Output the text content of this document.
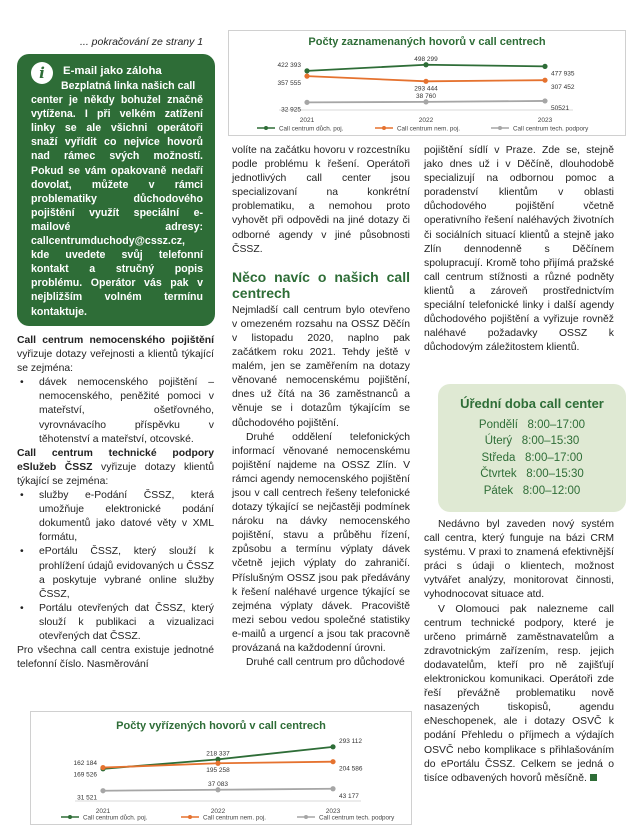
... pokračování ze strany 1
i	E-mail jako záloha
Bezplatná linka našich call
center je někdy bohužel značně vytížena. I při velkém zatížení linky se ale všichni operátoři snaží vyřídit co nejvíce hovorů nad rámec svých možností. Pokud se vám opakovaně nedaří dovolat, můžete v rámci problematiky důchodového pojištění využít speciální e-mailové adresy: callcentrumduchody@cssz.cz, kde uvedete svůj telefonní kontakt a stručný popis problému. Operátor vás pak v nejbližším volném termínu kontaktuje.

Call centrum nemocenského pojištění vyřizuje dotazy veřejnosti a klientů týkající se zejména:

• dávek nemocenského pojištění – nemocenského, peněžité pomoci v mateřství, ošetřovného, vyrovnávacího příspěvku v těhotenství a mateřství, otcovské.

Call centrum technické podpory eSlužeb ČSSZ vyřizuje dotazy klientů týkající se zejména:

• služby e-Podání ČSSZ, která umožňuje elektronické podání dokumentů jako datové věty v XML formátu,
• ePortálu ČSSZ, který slouží k prohlížení údajů evidovaných u ČSSZ a poskytuje vybrané online služby ČSSZ,
• Portálu otevřených dat ČSSZ, který slouží k publikaci a vizualizaci otevřených dat ČSSZ.

Pro všechna call centra existuje jednotné telefonní číslo. Nasměrování

Počty zaznamenaných hovorů v call centrech
2021	2022	2023
422 393
498 299
477 935
Call centrum důch. poj.
357 555
293 444	307 452
Call centrum nem. poj.
32 925
38 760
50521
Call centrum tech. podpory

volíte na začátku hovoru v rozcestníku podle problému k řešení. Operátoři jednotlivých call center jsou specializovaní na konkrétní problematiku, a nemohou proto vyhovět při odpovědi na jiné dotazy či odborné agendy v jiné působnosti ČSSZ.

Něco navíc o našich call centrech

Nejmladší call centrum bylo otevřeno v omezeném rozsahu na OSSZ Děčín v listopadu 2020, naplno pak začátkem roku 2021. Tehdy ještě v malém, jen se zaměřením na dotazy věnované nemocenskému pojištění, dnes už čítá na 36 zaměstnanců a věnuje se i dotazům týkajícím se důchodového pojištění.

Druhé oddělení telefonických informací věnované nemocenskému pojištění najdeme na OSSZ Zlín. V rámci agendy nemocenského pojištění jsou v call centrech řešeny telefonické dotazy týkající se nejčastěji podmínek nároku na dávky nemocenského pojištění, stavu a průběhu řízení, způsobu a termínu výplaty dávek včetně jejich výplaty do zahraničí. Příslušným OSSZ jsou pak předávány k řešení naléhavé urgence týkající se zejména výplaty dávek. Pracoviště mezi sebou vedou společné statistiky e-mailů a urgencí a jsou tak pracovně provázaná na každodenní úrovni.

Druhé call centrum pro důchodové

pojištění sídlí v Praze. Zde se, stejně jako dnes už i v Děčíně, dlouhodobě specializují na odbornou pomoc a poradenství klientům v oblasti důchodového pojištění včetně operativního řešení naléhavých životních či sociálních situací klientů a stejně jako Zlín dennodenně s Děčínem spolupracují. Kromě toho přijímá pražské call centrum stížnosti a různé podněty klientů a zároveň prostřednictvím speciální telefonické linky i další agendy důchodového pojištění a vyřizuje rovněž naléhavé požadavky OSSZ k důchodovým záležitostem klientů.

Úřední doba call center
Pondělí   8:00–17:00
Úterý   8:00–15:30
Středa   8:00–17:00
Čtvrtek   8:00–15:30
Pátek   8:00–12:00

Nedávno byl zaveden nový systém call centra, který funguje na bázi CRM systému. V praxi to znamená efektivnější práci s údaji o klientech, možnost vytvářet analýzy, monitorovat činnosti, vyhodnocovat situace atd.

V Olomouci pak nalezneme call centrum technické podpory, které je určeno primárně zaměstnavatelům a zdravotnickým zařízením, resp. jejich dodavatelům, kteří pro ně zajišťují elektronickou komunikaci. Operátoři zde řeší převážně problematiku nově nasazených tiskopisů, agendu eNeschopenek, ale i dotazy OSVČ k podání Přehledu o příjmech a výdajích OSVČ nebo komplikace s přihlašováním do ePortálu ČSSZ. Celkem se jedná o tisíce odbavených hovorů měsíčně.

Počty vyřízených hovorů v call centrech
2021	2022	2023
162 184
218 337
293 112
Call centrum důch. poj.
169 526
195 258	204 586
Call centrum nem. poj.
31 521
37 083
43 177
Call centrum tech. podpory
